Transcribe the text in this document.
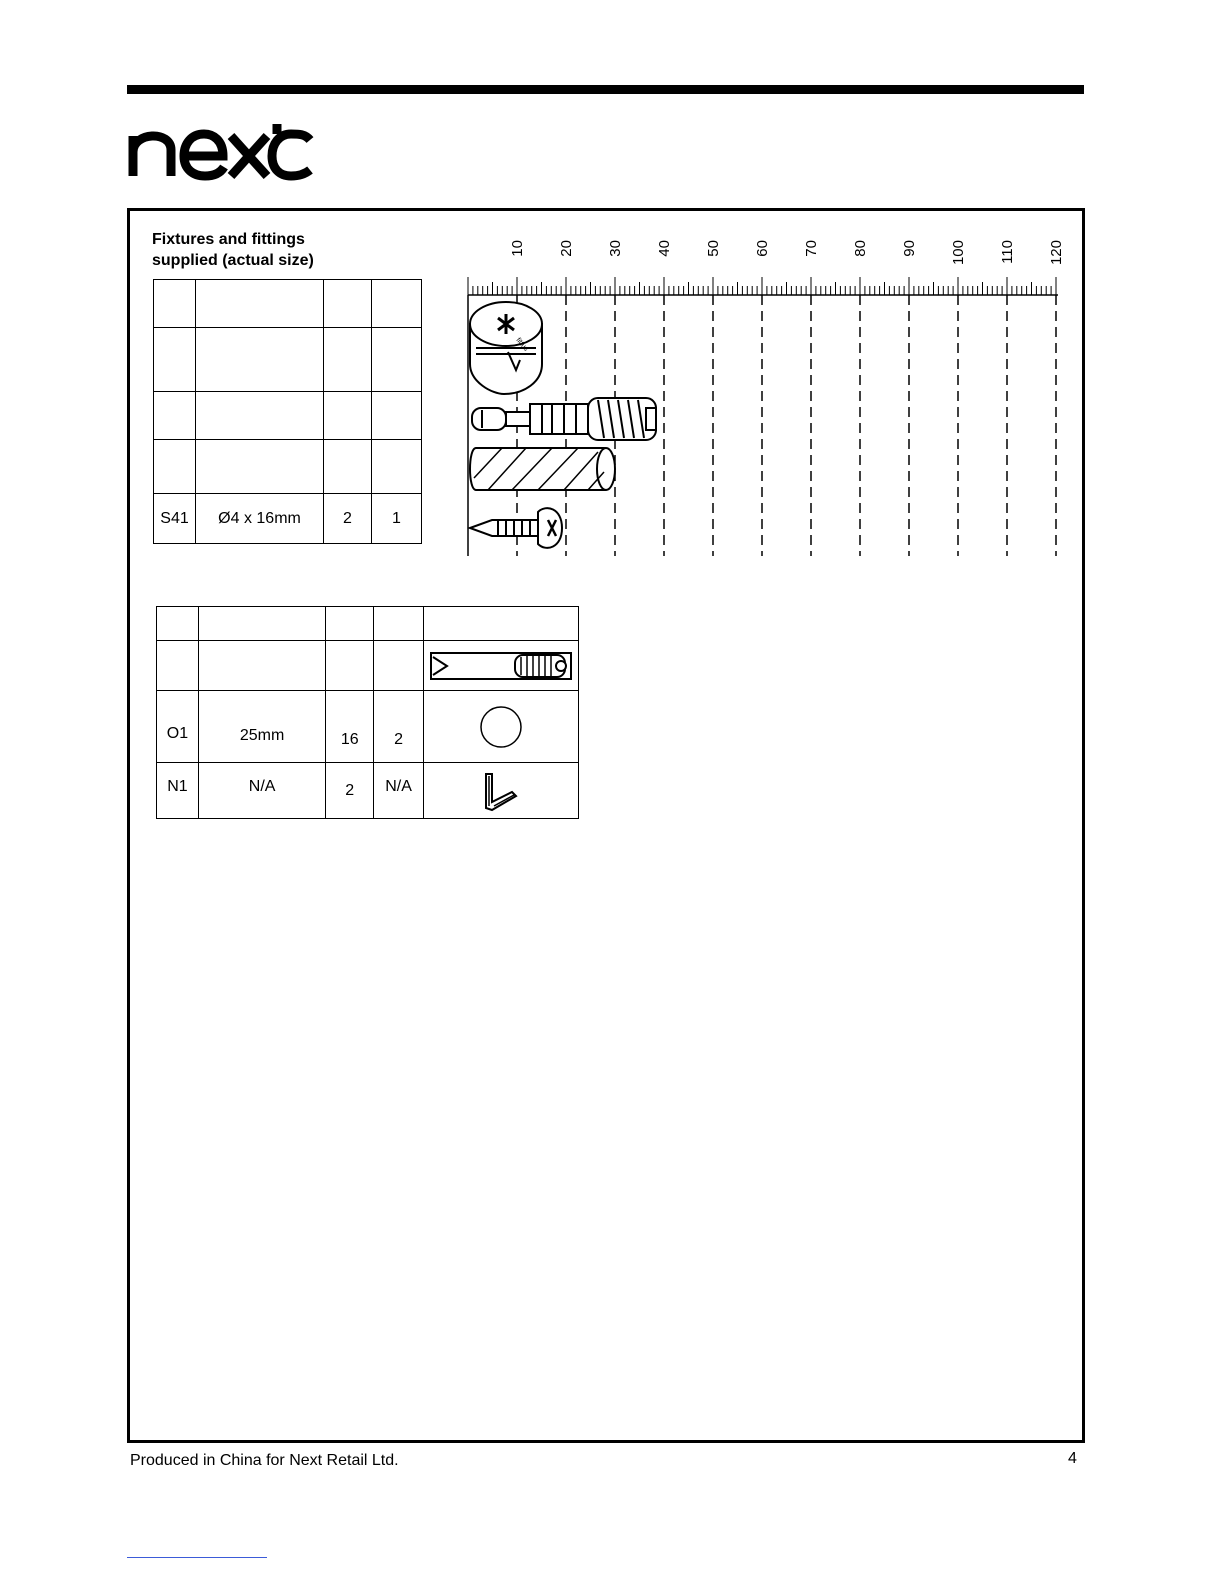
Fixtures and fittings
supplied (actual size)

S41	Ø4 x 16mm	2	1
10 20 30 40 50 60 70 80 90 100 110 120
fittus

O1	25mm	16	2	

N1	N/A	2	N/A	
Produced in China for Next Retail Ltd.	4
